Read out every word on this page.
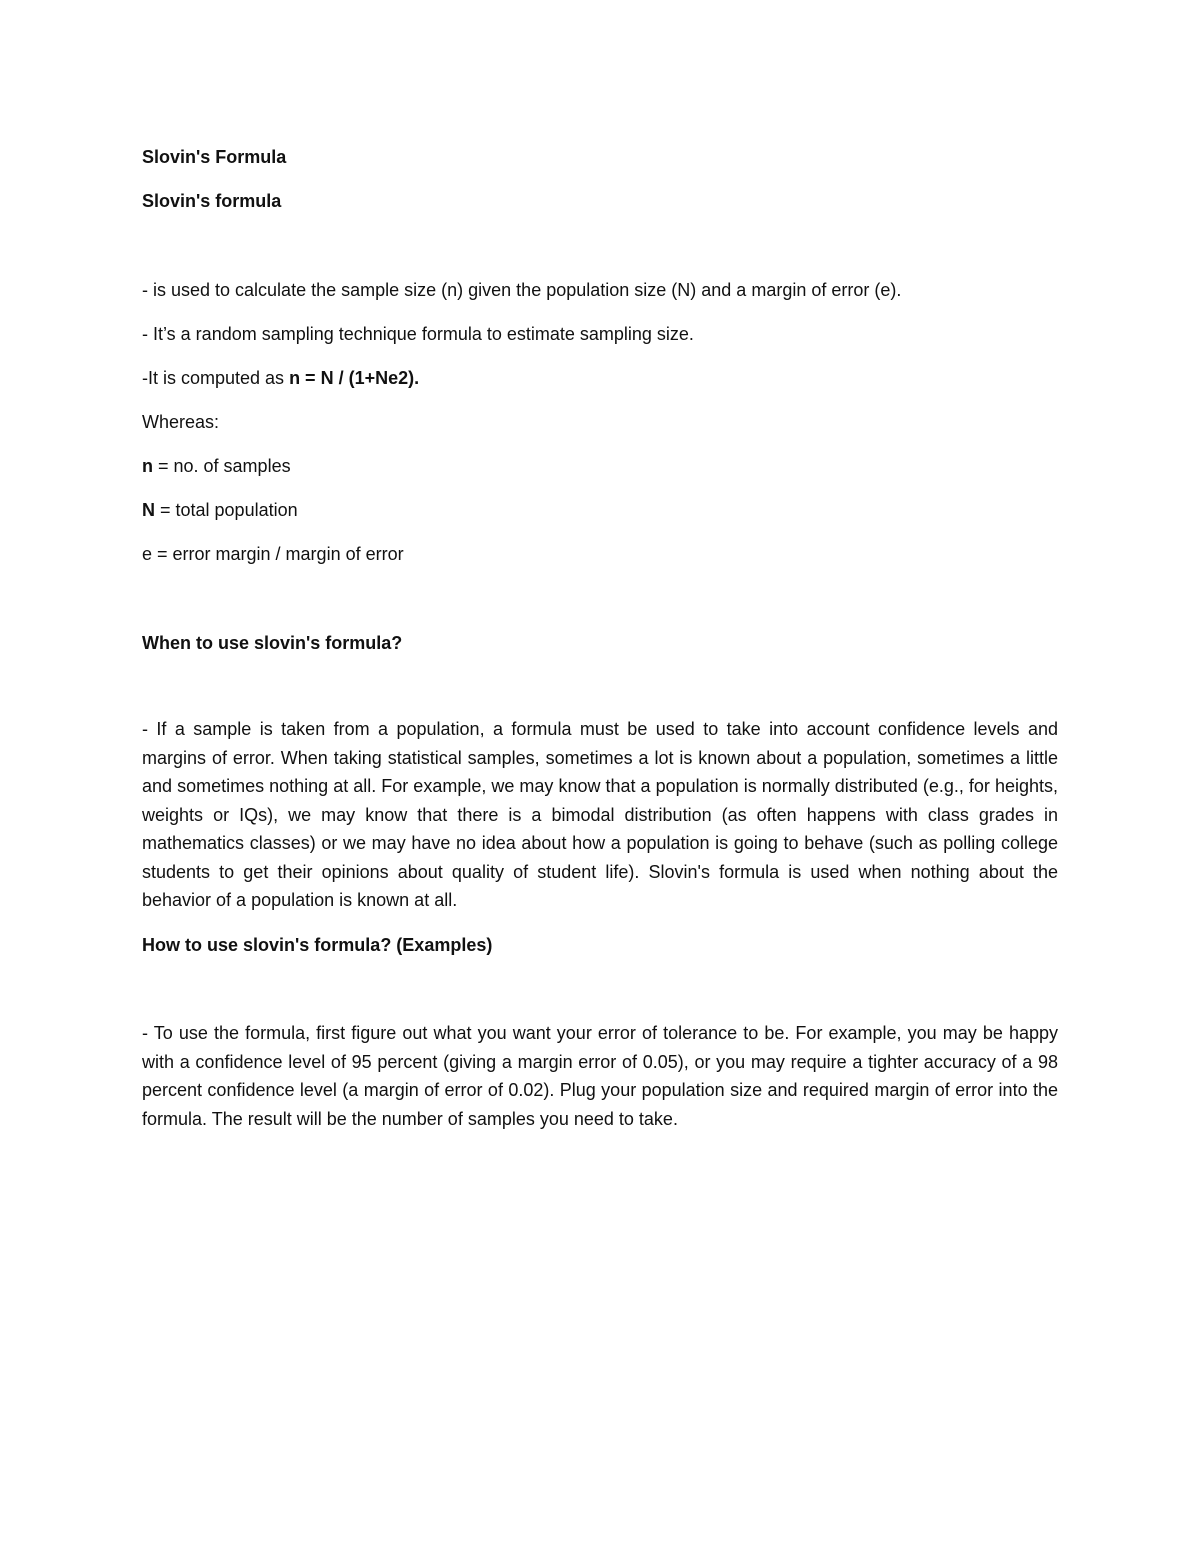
Slovin's Formula
Slovin's formula
- is used to calculate the sample size (n) given the population size (N) and a margin of error (e).
- It’s a random sampling technique formula to estimate sampling size.
-It is computed as n = N / (1+Ne2).
Whereas:
n = no. of samples
N = total population
e = error margin / margin of error
When to use slovin's formula?
- If a sample is taken from a population, a formula must be used to take into account confidence levels and margins of error. When taking statistical samples, sometimes a lot is known about a population, sometimes a little and sometimes nothing at all. For example, we may know that a population is normally distributed (e.g., for heights, weights or IQs), we may know that there is a bimodal distribution (as often happens with class grades in mathematics classes) or we may have no idea about how a population is going to behave (such as polling college students to get their opinions about quality of student life). Slovin's formula is used when nothing about the behavior of a population is known at all.
How to use slovin's formula? (Examples)
- To use the formula, first figure out what you want your error of tolerance to be. For example, you may be happy with a confidence level of 95 percent (giving a margin error of 0.05), or you may require a tighter accuracy of a 98 percent confidence level (a margin of error of 0.02). Plug your population size and required margin of error into the formula. The result will be the number of samples you need to take.
